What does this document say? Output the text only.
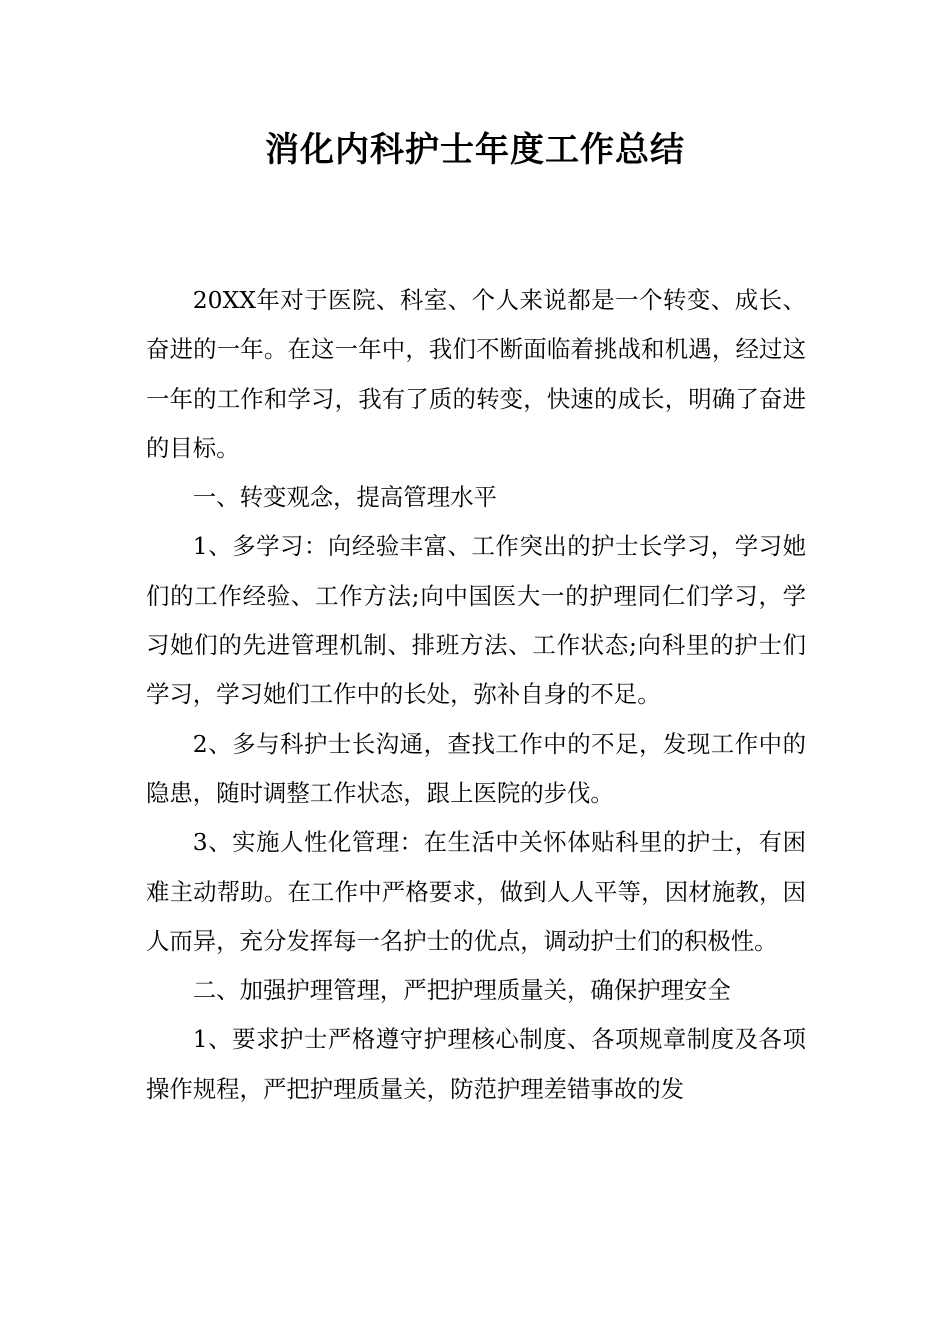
消化内科护士年度工作总结

20XX年对于医院、科室、个人来说都是一个转变、成长、奋进的一年。在这一年中，我们不断面临着挑战和机遇，经过这一年的工作和学习，我有了质的转变，快速的成长，明确了奋进的目标。

一、转变观念，提高管理水平

1、多学习：向经验丰富、工作突出的护士长学习，学习她们的工作经验、工作方法;向中国医大一的护理同仁们学习，学习她们的先进管理机制、排班方法、工作状态;向科里的护士们学习，学习她们工作中的长处，弥补自身的不足。

2、多与科护士长沟通，查找工作中的不足，发现工作中的隐患，随时调整工作状态，跟上医院的步伐。

3、实施人性化管理：在生活中关怀体贴科里的护士，有困难主动帮助。在工作中严格要求，做到人人平等，因材施教，因人而异，充分发挥每一名护士的优点，调动护士们的积极性。

二、加强护理管理，严把护理质量关，确保护理安全

1、要求护士严格遵守护理核心制度、各项规章制度及各项操作规程，严把护理质量关，防范护理差错事故的发
